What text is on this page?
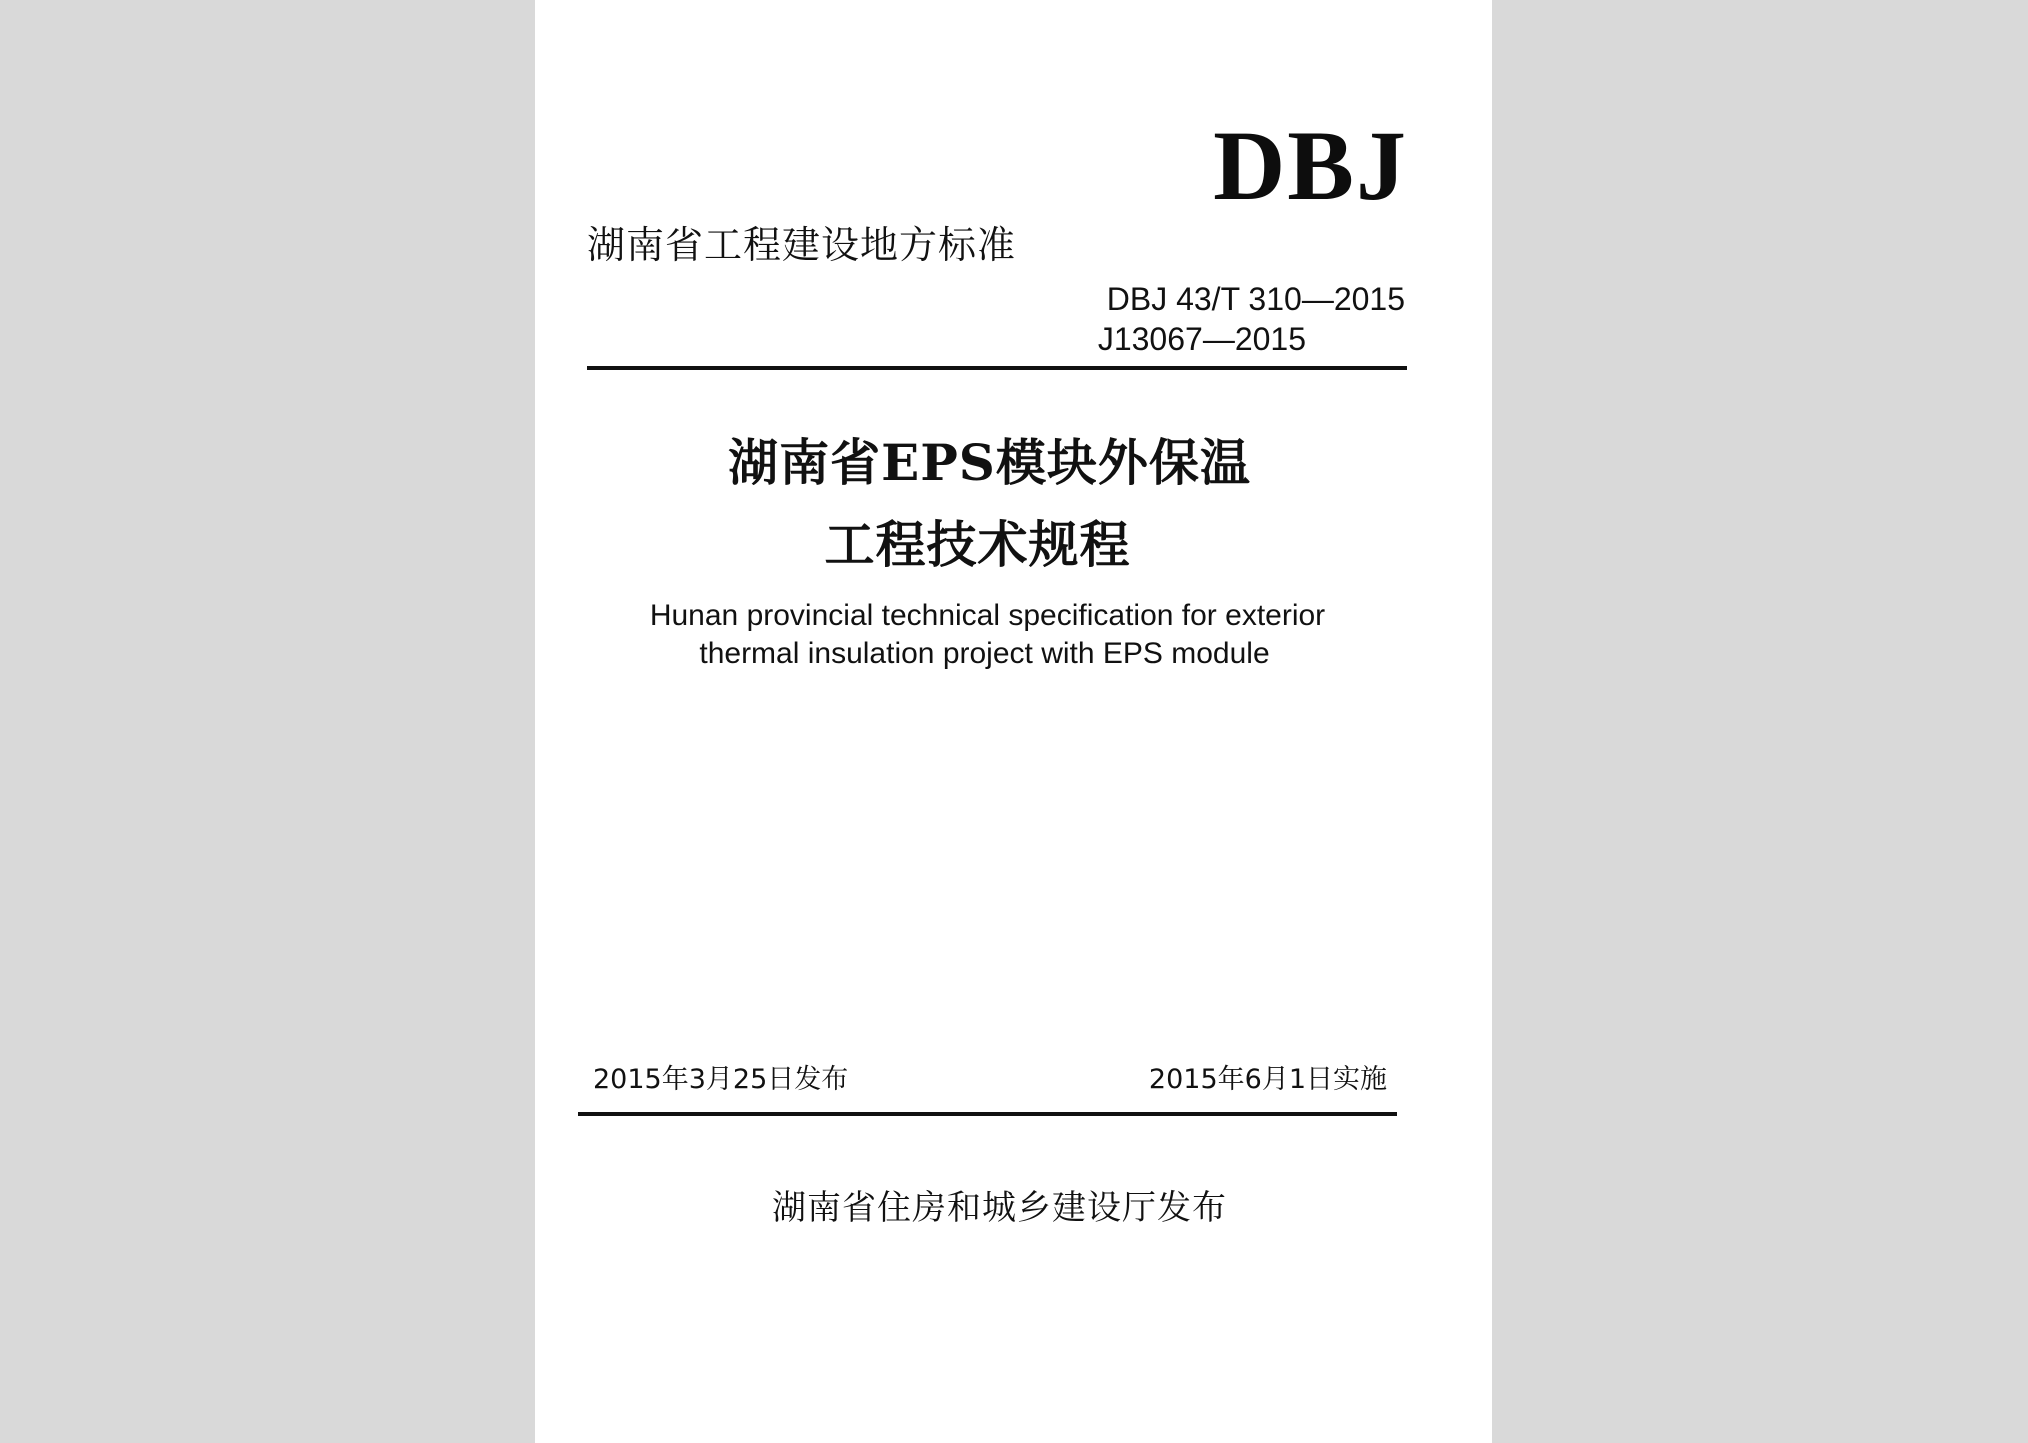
DBJ
湖南省工程建设地方标准
DBJ 43/T 310—2015
J13067—2015
湖南省EPS模块外保温
工程技术规程
Hunan provincial technical specification for exterior
thermal insulation project with EPS module
2015年3月25日发布	2015年6月1日实施
湖南省住房和城乡建设厅发布
